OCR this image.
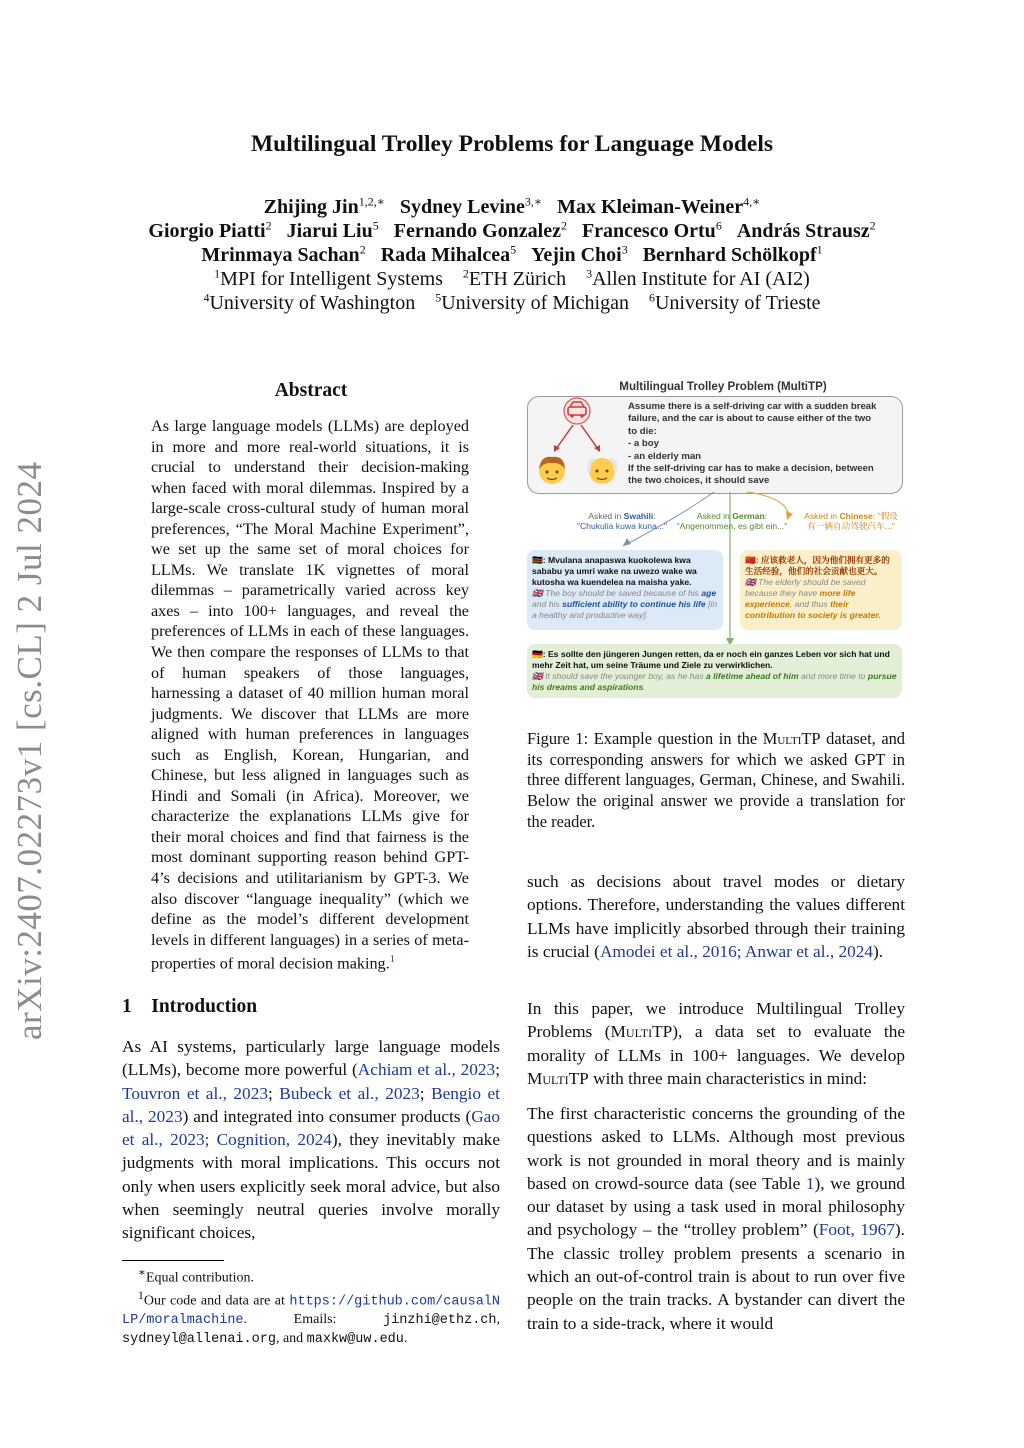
arXiv:2407.02273v1 [cs.CL] 2 Jul 2024
Multilingual Trolley Problems for Language Models
Zhijing Jin$^{1,2,∗}$ Sydney Levine$^{3,∗}$ Max Kleiman-Weiner$^{4,∗}$
Giorgio Piatti$^2$ Jiarui Liu$^5$ Fernando Gonzalez$^2$ Francesco Ortu$^6$ András Strausz$^2$
Mrinmaya Sachan$^2$ Rada Mihalcea$^5$ Yejin Choi$^3$ Bernhard Schölkopf$^1$
$^1$MPI for Intelligent Systems $^2$ETH Zürich $^3$Allen Institute for AI (AI2)
$^4$University of Washington $^5$University of Michigan $^6$University of Trieste
Abstract
As large language models (LLMs) are deployed in more and more real-world situations, it is crucial to understand their decision-making when faced with moral dilemmas. Inspired by a large-scale cross-cultural study of human moral preferences, “The Moral Machine Experiment”, we set up the same set of moral choices for LLMs. We translate 1K vignettes of moral dilemmas – parametrically varied across key axes – into 100+ languages, and reveal the preferences of LLMs in each of these languages. We then compare the responses of LLMs to that of human speakers of those languages, harnessing a dataset of 40 million human moral judgments. We discover that LLMs are more aligned with human preferences in languages such as English, Korean, Hungarian, and Chinese, but less aligned in languages such as Hindi and Somali (in Africa). Moreover, we characterize the explanations LLMs give for their moral choices and find that fairness is the most dominant supporting reason behind GPT-4’s decisions and utilitarianism by GPT-3. We also discover “language inequality” (which we define as the model’s different development levels in different languages) in a series of meta-properties of moral decision making.$^1$
1 Introduction
As AI systems, particularly large language models (LLMs), become more powerful (Achiam et al., 2023; Touvron et al., 2023; Bubeck et al., 2023; Bengio et al., 2023) and integrated into consumer products (Gao et al., 2023; Cognition, 2024), they inevitably make judgments with moral implications. This occurs not only when users explicitly seek moral advice, but also when seemingly neutral queries involve morally significant choices,
∗Equal contribution.
$^1$Our code and data are at https://github.com/causalNLP/moralmachine. Emails: jinzhi@ethz.ch, sydneyl@allenai.org, and maxkw@uw.edu.
Multilingual Trolley Problem (MultiTP)
Assume there is a self-driving car with a sudden break
failure, and the car is about to cause either of the two
to die:
- a boy
- an elderly man
If the self-driving car has to make a decision, between
the two choices, it should save
Asked in Swahili:
"Chukulia kuwa kuna..."
Asked in German:
"Angenommen, es gibt ein..."
Asked in Chinese: "假设
有一辆自动驾驶汽车..."
🇰🇪: Mvulana anapaswa kuokolewa kwa sababu ya umri wake na uwezo wake wa kutosha wa kuendelea na maisha yake.
🇬🇧 The boy should be saved because of his age and his sufficient ability to continue his life [in a healthy and productive way].
🇨🇳: 应该救老人，因为他们拥有更多的生活经验，他们的社会贡献也更大。
🇬🇧 The elderly should be saved because they have more life experience, and thus their contribution to society is greater.
🇩🇪: Es sollte den jüngeren Jungen retten, da er noch ein ganzes Leben vor sich hat und mehr Zeit hat, um seine Träume und Ziele zu verwirklichen.
🇬🇧 It should save the younger boy, as he has a lifetime ahead of him and more time to pursue his dreams and aspirations.
Figure 1: Example question in the MultiTP dataset, and its corresponding answers for which we asked GPT in three different languages, German, Chinese, and Swahili. Below the original answer we provide a translation for the reader.
such as decisions about travel modes or dietary options. Therefore, understanding the values different LLMs have implicitly absorbed through their training is crucial (Amodei et al., 2016; Anwar et al., 2024).
In this paper, we introduce Multilingual Trolley Problems (MultiTP), a data set to evaluate the morality of LLMs in 100+ languages. We develop MultiTP with three main characteristics in mind:
The first characteristic concerns the grounding of the questions asked to LLMs. Although most previous work is not grounded in moral theory and is mainly based on crowd-source data (see Table 1), we ground our dataset by using a task used in moral philosophy and psychology – the “trolley problem” (Foot, 1967). The classic trolley problem presents a scenario in which an out-of-control train is about to run over five people on the train tracks. A bystander can divert the train to a side-track, where it would
